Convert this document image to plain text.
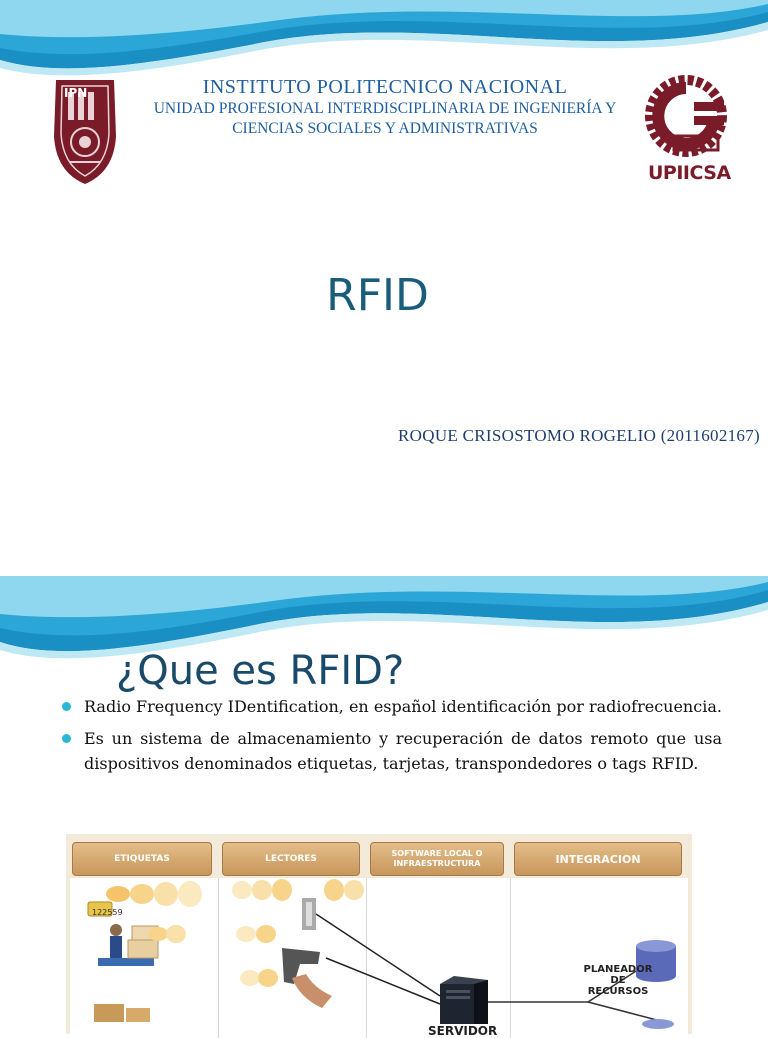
IPN
UPIICSA
INSTITUTO POLITECNICO NACIONAL
UNIDAD PROFESIONAL INTERDISCIPLINARIA DE INGENIERÍA Y
CIENCIAS SOCIALES Y ADMINISTRATIVAS
RFID
ROQUE CRISOSTOMO ROGELIO (2011602167)
¿Que es RFID?
Radio Frequency IDentification, en español identificación por radiofrecuencia.
Es un sistema de almacenamiento y recuperación de datos remoto que usa dispositivos denominados etiquetas, tarjetas, transpondedores o tags RFID.
ETIQUETAS	LECTORES
SOFTWARE LOCAL O INFRAESTRUCTURA	INTEGRACION
122559
PLANEADOR DE RECURSOS
SERVIDOR
